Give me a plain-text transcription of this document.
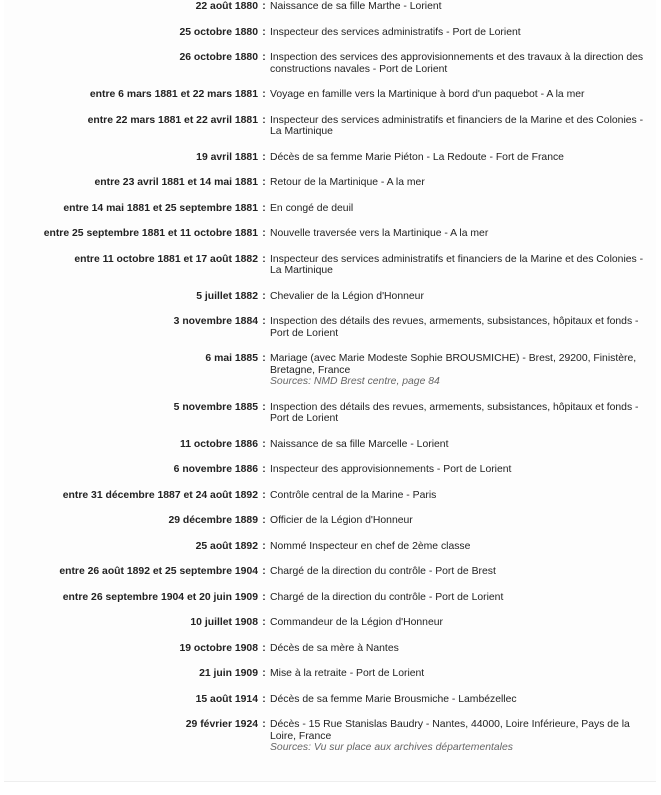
22 août 1880 : Naissance de sa fille Marthe - Lorient
25 octobre 1880 : Inspecteur des services administratifs - Port de Lorient
26 octobre 1880 : Inspection des services des approvisionnements et des travaux à la direction des constructions navales - Port de Lorient
entre 6 mars 1881 et 22 mars 1881 : Voyage en famille vers la Martinique à bord d'un paquebot - A la mer
entre 22 mars 1881 et 22 avril 1881 : Inspecteur des services administratifs et financiers de la Marine et des Colonies - La Martinique
19 avril 1881 : Décès de sa femme Marie Piéton - La Redoute - Fort de France
entre 23 avril 1881 et 14 mai 1881 : Retour de la Martinique - A la mer
entre 14 mai 1881 et 25 septembre 1881 : En congé de deuil
entre 25 septembre 1881 et 11 octobre 1881 : Nouvelle traversée vers la Martinique - A la mer
entre 11 octobre 1881 et 17 août 1882 : Inspecteur des services administratifs et financiers de la Marine et des Colonies - La Martinique
5 juillet 1882 : Chevalier de la Légion d'Honneur
3 novembre 1884 : Inspection des détails des revues, armements, subsistances, hôpitaux et fonds - Port de Lorient
6 mai 1885 : Mariage (avec Marie Modeste Sophie BROUSMICHE) - Brest, 29200, Finistère, Bretagne, France
Sources: NMD Brest centre, page 84
5 novembre 1885 : Inspection des détails des revues, armements, subsistances, hôpitaux et fonds - Port de Lorient
11 octobre 1886 : Naissance de sa fille Marcelle - Lorient
6 novembre 1886 : Inspecteur des approvisionnements - Port de Lorient
entre 31 décembre 1887 et 24 août 1892 : Contrôle central de la Marine - Paris
29 décembre 1889 : Officier de la Légion d'Honneur
25 août 1892 : Nommé Inspecteur en chef de 2ème classe
entre 26 août 1892 et 25 septembre 1904 : Chargé de la direction du contrôle - Port de Brest
entre 26 septembre 1904 et 20 juin 1909 : Chargé de la direction du contrôle - Port de Lorient
10 juillet 1908 : Commandeur de la Légion d'Honneur
19 octobre 1908 : Décès de sa mère à Nantes
21 juin 1909 : Mise à la retraite - Port de Lorient
15 août 1914 : Décès de sa femme Marie Brousmiche - Lambézellec
29 février 1924 : Décès - 15 Rue Stanislas Baudry - Nantes, 44000, Loire Inférieure, Pays de la Loire, France
Sources: Vu sur place aux archives départementales
